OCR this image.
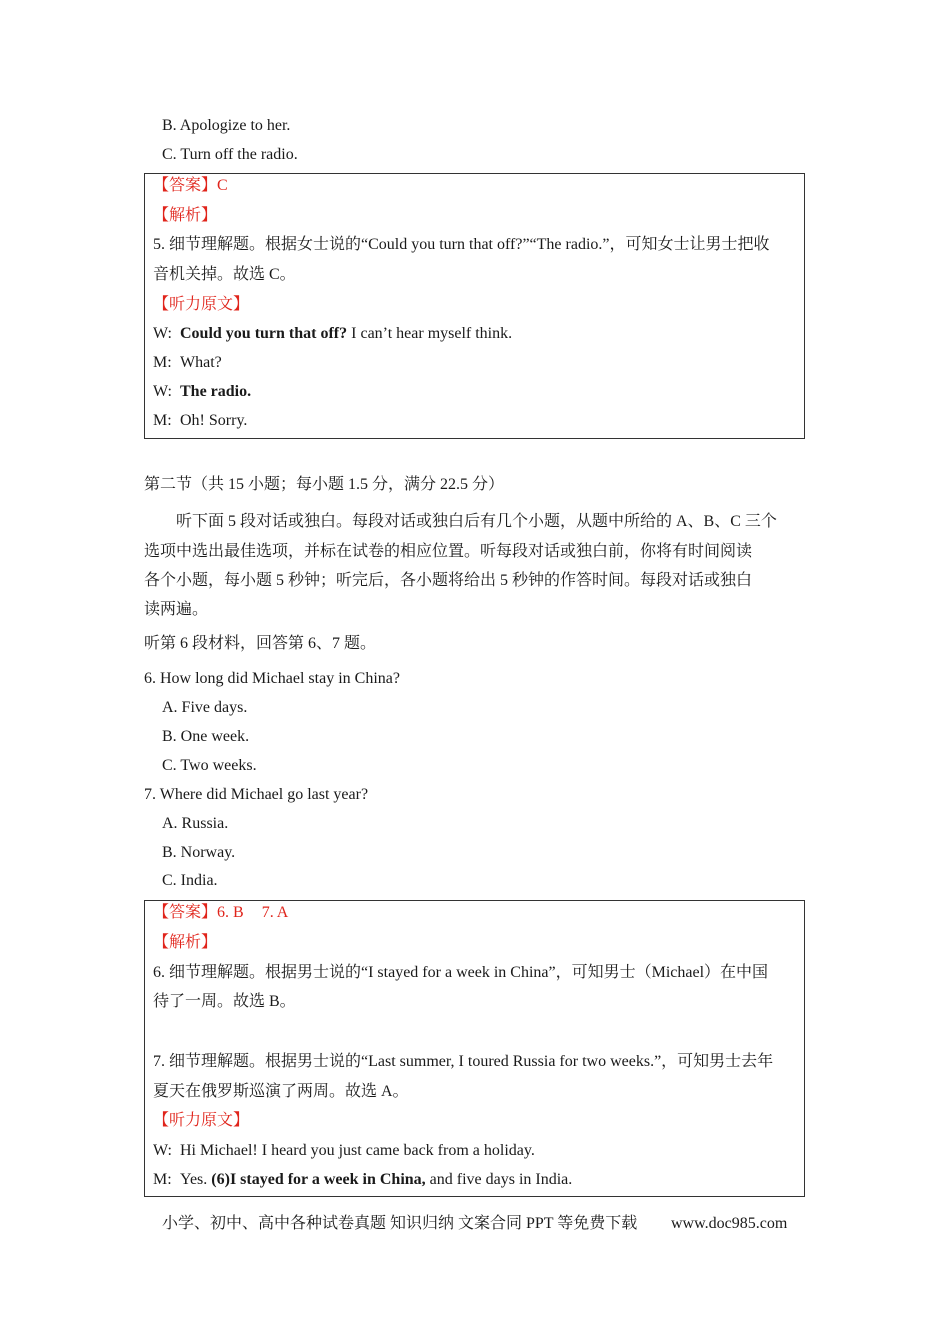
B. Apologize to her.
C. Turn off the radio.
【答案】C
【解析】
5. 细节理解题。根据女士说的“Could you turn that off?”“The radio.”，可知女士让男士把收
音机关掉。故选 C。
【听力原文】
W: Could you turn that off? I can’t hear myself think.
M: What?
W: The radio.
M: Oh! Sorry.
第二节（共 15 小题；每小题 1.5 分，满分 22.5 分）
听下面 5 段对话或独白。每段对话或独白后有几个小题，从题中所给的 A、B、C 三个
选项中选出最佳选项，并标在试卷的相应位置。听每段对话或独白前，你将有时间阅读
各个小题，每小题 5 秒钟；听完后，各小题将给出 5 秒钟的作答时间。每段对话或独白
读两遍。
听第 6 段材料，回答第 6、7 题。
6. How long did Michael stay in China?
A. Five days.
B. One week.
C. Two weeks.
7. Where did Michael go last year?
A. Russia.
B. Norway.
C. India.
【答案】6. B 7. A
【解析】
6. 细节理解题。根据男士说的“I stayed for a week in China”，可知男士（Michael）在中国
待了一周。故选 B。
7. 细节理解题。根据男士说的“Last summer, I toured Russia for two weeks.”，可知男士去年
夏天在俄罗斯巡演了两周。故选 A。
【听力原文】
W: Hi Michael! I heard you just came back from a holiday.
M: Yes. (6)I stayed for a week in China, and five days in India.
小学、初中、高中各种试卷真题 知识归纳 文案合同 PPT 等免费下载 www.doc985.com
